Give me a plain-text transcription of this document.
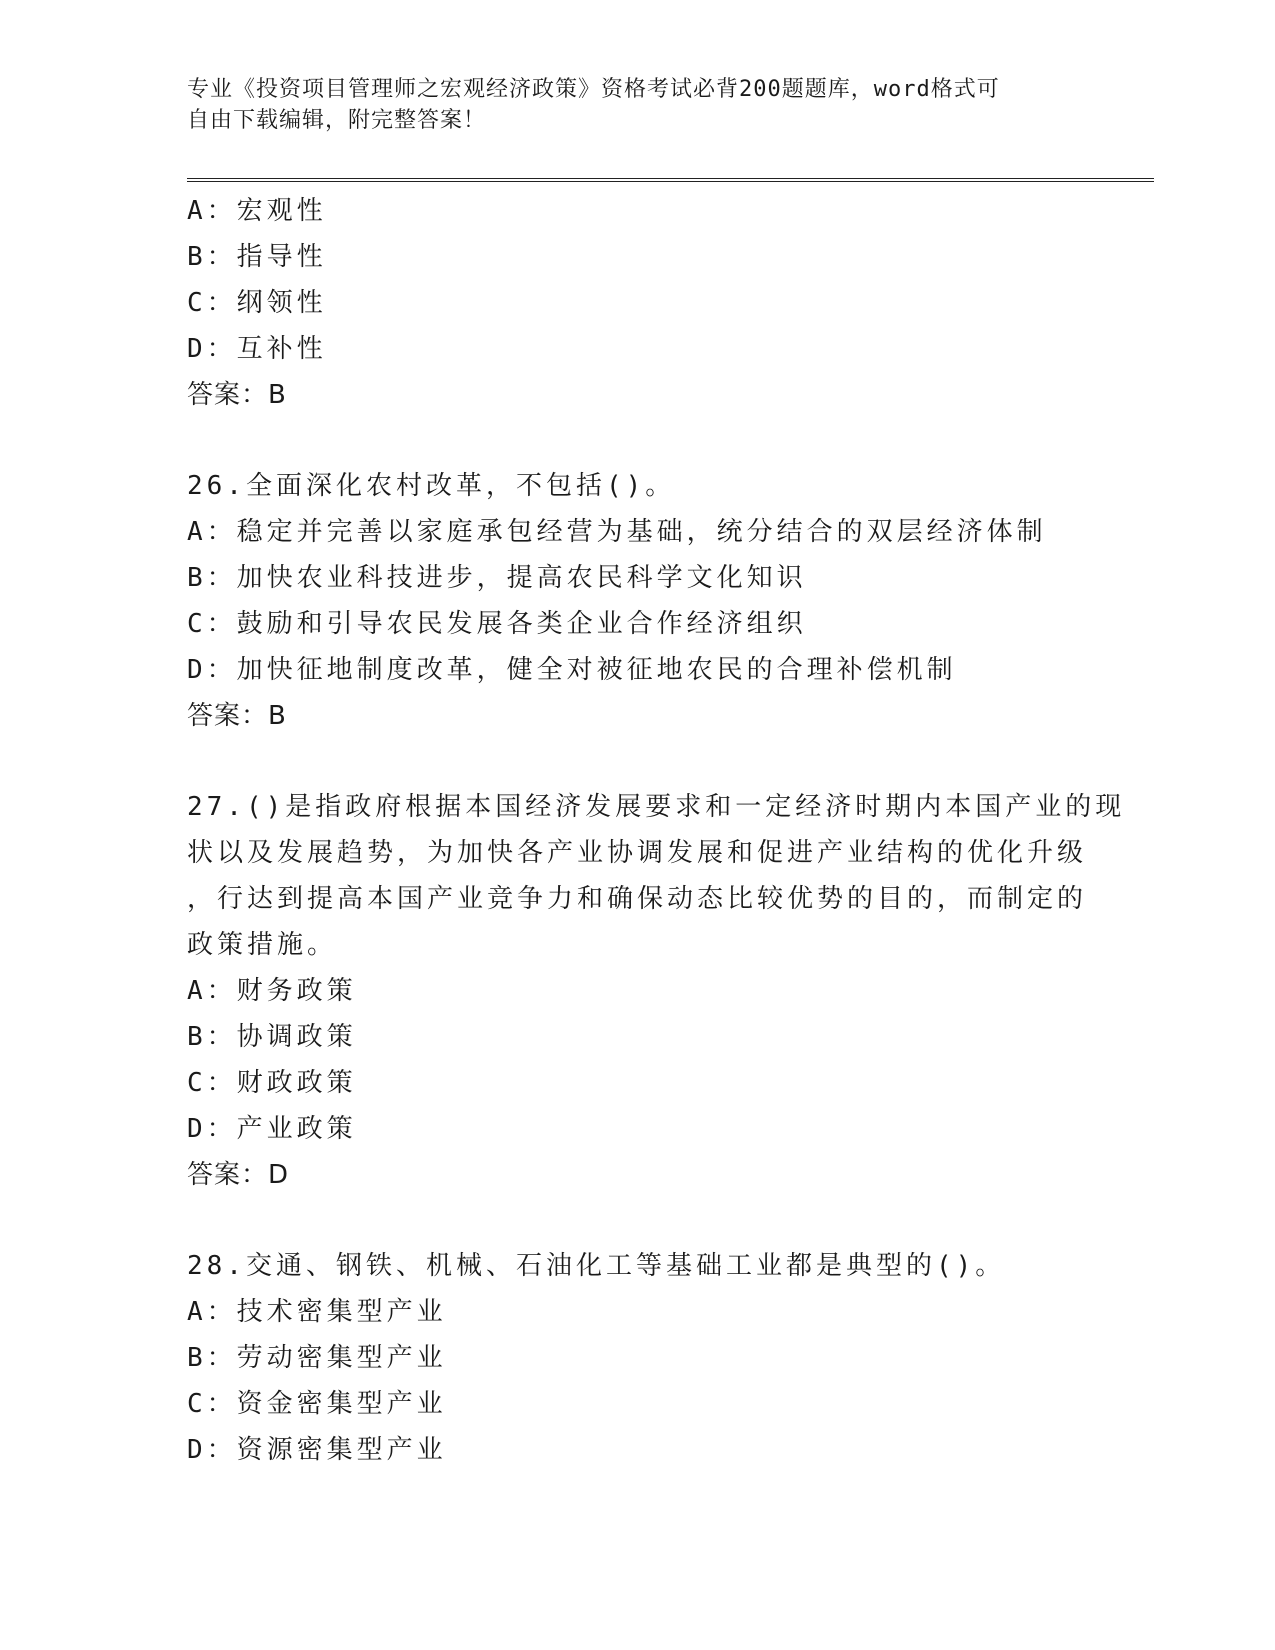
专业《投资项目管理师之宏观经济政策》资格考试必背200题题库，word格式可
自由下载编辑，附完整答案！
A：宏观性
B：指导性
C：纲领性
D：互补性
答案：B
26.全面深化农村改革，不包括()。
A：稳定并完善以家庭承包经营为基础，统分结合的双层经济体制
B：加快农业科技进步，提高农民科学文化知识
C：鼓励和引导农民发展各类企业合作经济组织
D：加快征地制度改革，健全对被征地农民的合理补偿机制
答案：B
27.()是指政府根据本国经济发展要求和一定经济时期内本国产业的现
状以及发展趋势，为加快各产业协调发展和促进产业结构的优化升级
，行达到提高本国产业竞争力和确保动态比较优势的目的，而制定的
政策措施。
A：财务政策
B：协调政策
C：财政政策
D：产业政策
答案：D
28.交通、钢铁、机械、石油化工等基础工业都是典型的()。
A：技术密集型产业
B：劳动密集型产业
C：资金密集型产业
D：资源密集型产业
